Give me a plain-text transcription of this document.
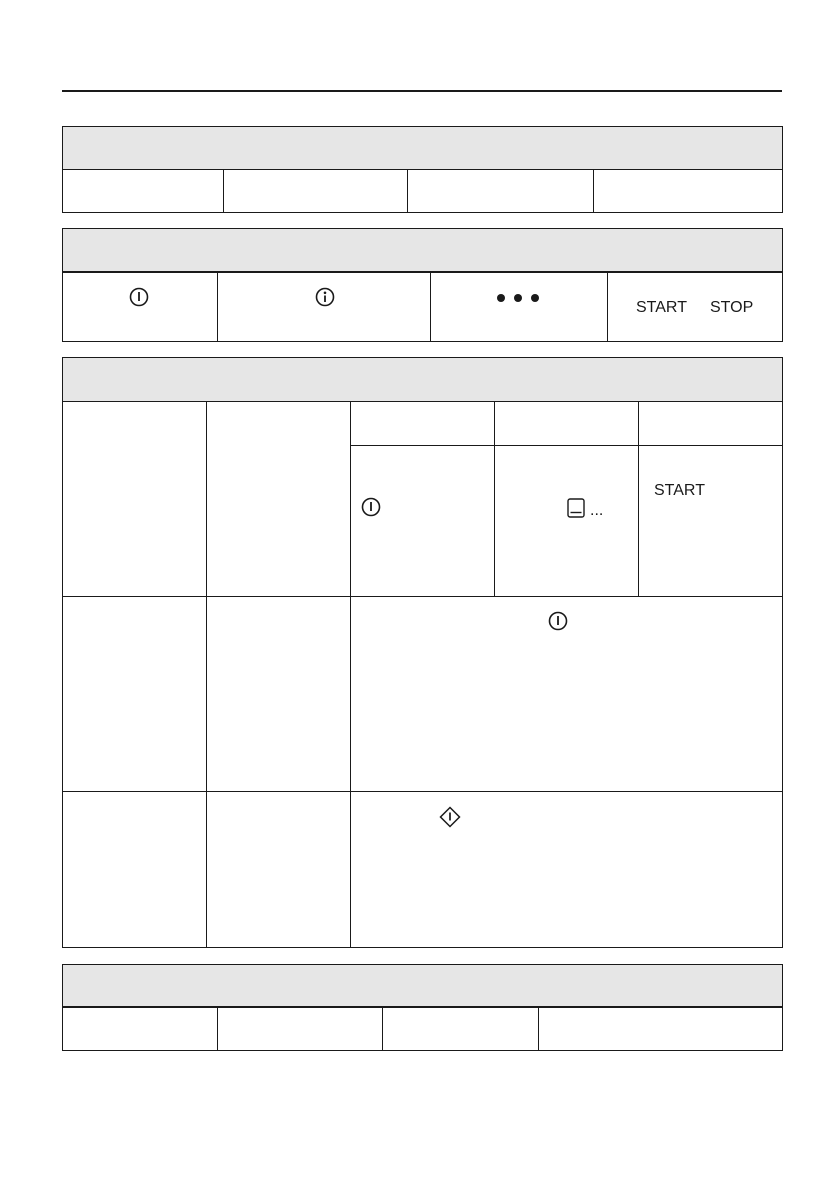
START STOP
...
START
